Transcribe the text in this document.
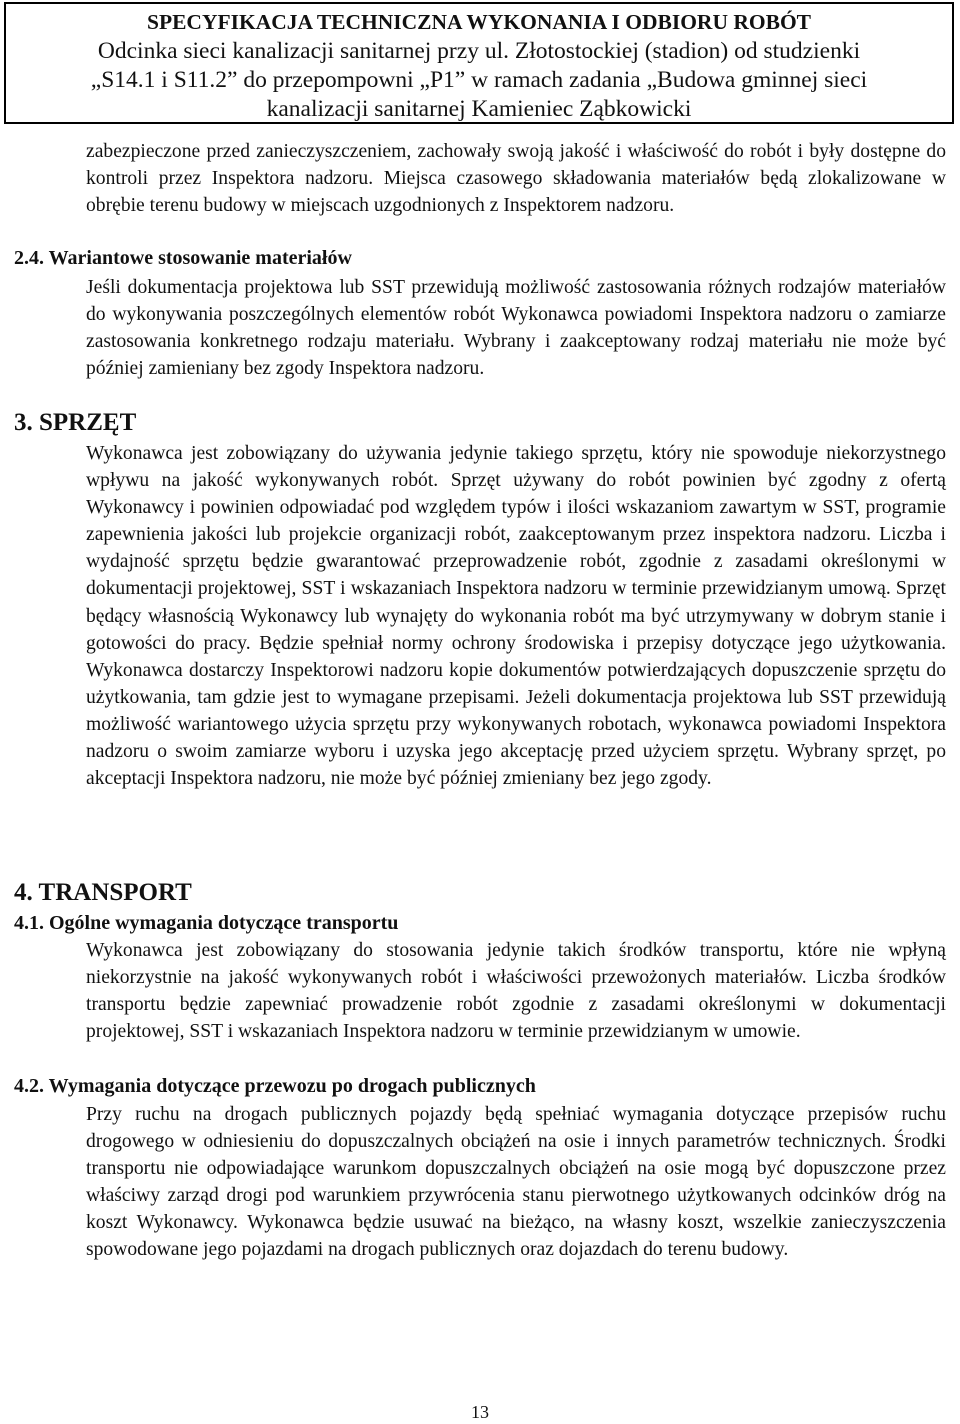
SPECYFIKACJA TECHNICZNA WYKONANIA I ODBIORU ROBÓT
Odcinka sieci kanalizacji sanitarnej przy ul. Złotostockiej (stadion) od studzienki
„S14.1 i S11.2” do przepompowni „P1” w ramach zadania „Budowa gminnej sieci
kanalizacji sanitarnej Kamieniec Ząbkowicki

zabezpieczone przed zanieczyszczeniem, zachowały swoją jakość i właściwość do robót i były dostępne do kontroli przez Inspektora nadzoru. Miejsca czasowego składowania materiałów będą zlokalizowane w obrębie terenu budowy w miejscach uzgodnionych z Inspektorem nadzoru.

2.4. Wariantowe stosowanie materiałów

Jeśli dokumentacja projektowa lub SST przewidują możliwość zastosowania różnych rodzajów materiałów do wykonywania poszczególnych elementów robót Wykonawca powiadomi Inspektora nadzoru o zamiarze zastosowania konkretnego rodzaju materiału. Wybrany i zaakceptowany rodzaj materiału nie może być później zamieniany bez zgody Inspektora nadzoru.

3. SPRZĘT

Wykonawca jest zobowiązany do używania jedynie takiego sprzętu, który nie spowoduje niekorzystnego wpływu na jakość wykonywanych robót. Sprzęt używany do robót powinien być zgodny z ofertą Wykonawcy i powinien odpowiadać pod względem typów i ilości wskazaniom zawartym w SST, programie zapewnienia jakości lub projekcie organizacji robót, zaakceptowanym przez inspektora nadzoru. Liczba i wydajność sprzętu będzie gwarantować przeprowadzenie robót, zgodnie z zasadami określonymi w dokumentacji projektowej, SST i wskazaniach Inspektora nadzoru w terminie przewidzianym umową. Sprzęt będący własnością Wykonawcy lub wynajęty do wykonania robót ma być utrzymywany w dobrym stanie i gotowości do pracy. Będzie spełniał normy ochrony środowiska i przepisy dotyczące jego użytkowania. Wykonawca dostarczy Inspektorowi nadzoru kopie dokumentów potwierdzających dopuszczenie sprzętu do użytkowania, tam gdzie jest to wymagane przepisami. Jeżeli dokumentacja projektowa lub SST przewidują możliwość wariantowego użycia sprzętu przy wykonywanych robotach, wykonawca powiadomi Inspektora nadzoru o swoim zamiarze wyboru i uzyska jego akceptację przed użyciem sprzętu. Wybrany sprzęt, po akceptacji Inspektora nadzoru, nie może być później zmieniany bez jego zgody.

4. TRANSPORT
4.1. Ogólne wymagania dotyczące transportu

Wykonawca jest zobowiązany do stosowania jedynie takich środków transportu, które nie wpłyną niekorzystnie na jakość wykonywanych robót i właściwości przewożonych materiałów. Liczba środków transportu będzie zapewniać prowadzenie robót zgodnie z zasadami określonymi w dokumentacji projektowej, SST i wskazaniach Inspektora nadzoru w terminie przewidzianym w umowie.

4.2. Wymagania dotyczące przewozu po drogach publicznych

Przy ruchu na drogach publicznych pojazdy będą spełniać wymagania dotyczące przepisów ruchu drogowego w odniesieniu do dopuszczalnych obciążeń na osie i innych parametrów technicznych. Środki transportu nie odpowiadające warunkom dopuszczalnych obciążeń na osie mogą być dopuszczone przez właściwy zarząd drogi pod warunkiem przywrócenia stanu pierwotnego użytkowanych odcinków dróg na koszt Wykonawcy. Wykonawca będzie usuwać na bieżąco, na własny koszt, wszelkie zanieczyszczenia spowodowane jego pojazdami na drogach publicznych oraz dojazdach do terenu budowy.

13
